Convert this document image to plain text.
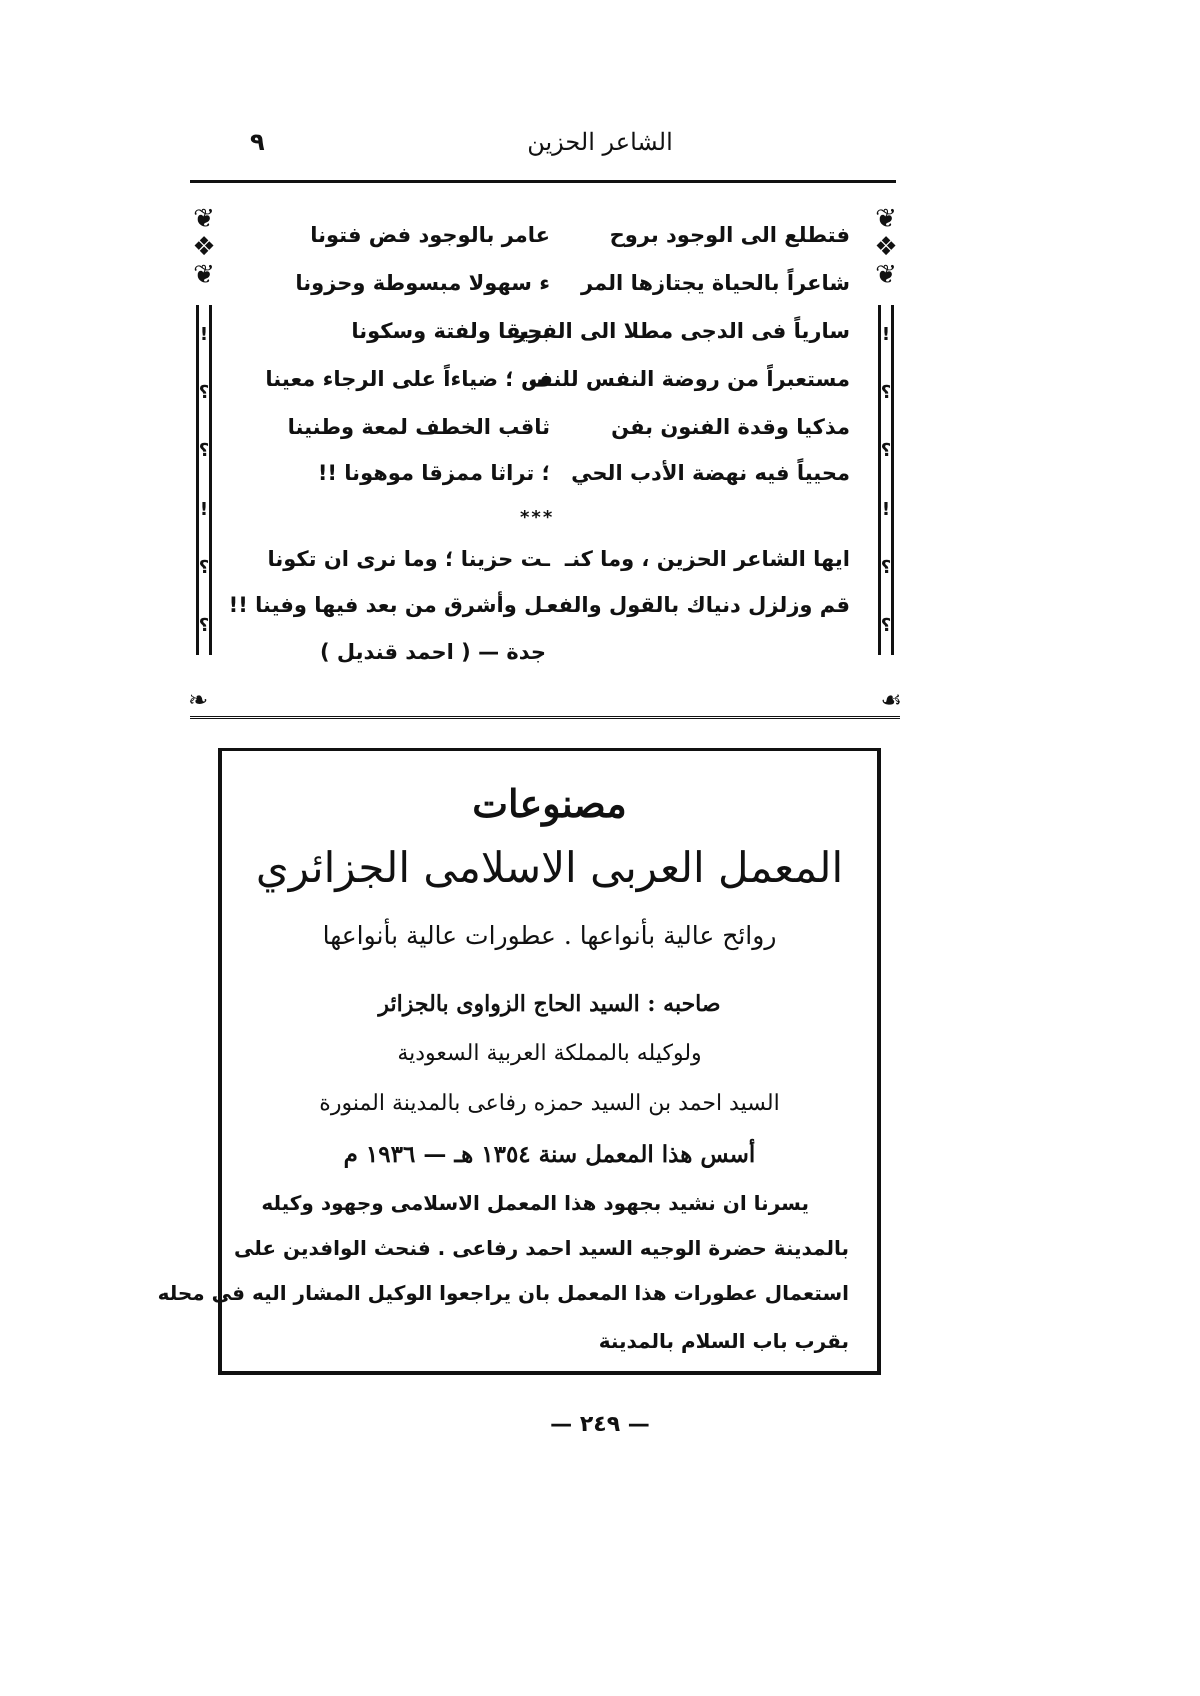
الشاعر الحزين
٩
❦
❖
❦
!
؟
؟
!
؟
؟
❦
❖
❦
!
؟
؟
!
؟
؟
فتطلع الى الوجود بروح
عامر بالوجود فض فتونا
شاعراً بالحياة يجتازها المر
ء سهولا مبسوطة وحزونا
سارياً فى الدجى مطلا الى الفجر
بريقا ولفتة وسكونا
مستعبراً من روضة النفس للنف
س ؛ ضياءاً على الرجاء معينا
مذكيا وقدة الفنون بفن
ثاقب الخطف لمعة وطنينا
محيياً فيه نهضة الأدب الحي
؛ تراثا ممزقا موهونا !!
ايها الشاعر الحزين ، وما كنـ
ـت حزينا ؛ وما نرى ان تكونا
قم وزلزل دنياك بالقول والفعـ
ـل وأشرق من بعد فيها وفينا !!
***
جدة — ( احمد قنديل )
❧	☙
مصنوعات
المعمل العربى الاسلامى الجزائري
روائح عالية بأنواعها . عطورات عالية بأنواعها
صاحبه : السيد الحاج الزواوى بالجزائر
ولوكيله بالمملكة العربية السعودية
السيد احمد بن السيد حمزه رفاعى بالمدينة المنورة
أسس هذا المعمل سنة ١٣٥٤ هـ — ١٩٣٦ م
يسرنا ان نشيد بجهود هذا المعمل الاسلامى وجهود وكيله
بالمدينة حضرة الوجيه السيد احمد رفاعى . فنحث الوافدين على
استعمال عطورات هذا المعمل بان يراجعوا الوكيل المشار اليه فى محله
بقرب باب السلام بالمدينة
— ٢٤٩ —
